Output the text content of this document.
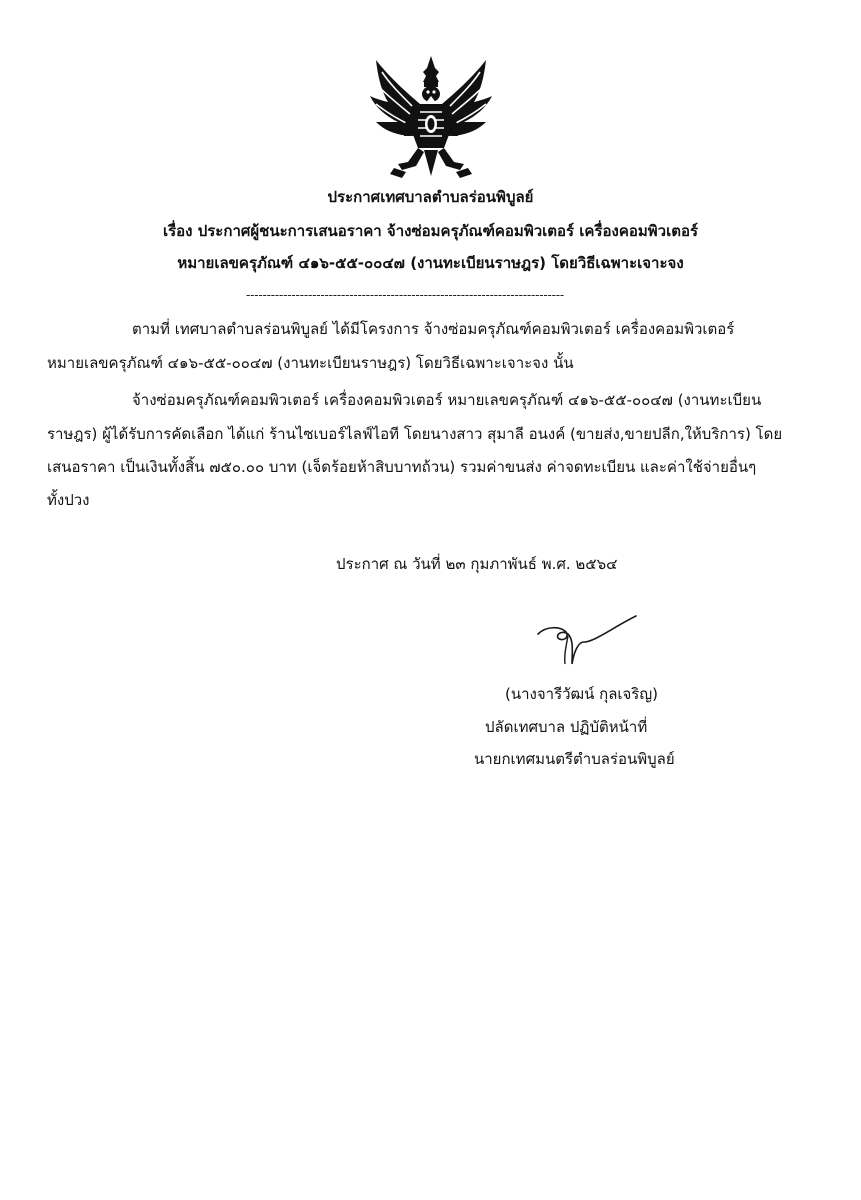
ประกาศเทศบาลตำบลร่อนพิบูลย์
เรื่อง ประกาศผู้ชนะการเสนอราคา จ้างซ่อมครุภัณฑ์คอมพิวเตอร์ เครื่องคอมพิวเตอร์
หมายเลขครุภัณฑ์ ๔๑๖-๕๕-๐๐๔๗ (งานทะเบียนราษฎร) โดยวิธีเฉพาะเจาะจง
-----------------------------------------------------------------------------
ตามที่ เทศบาลตำบลร่อนพิบูลย์ ได้มีโครงการ จ้างซ่อมครุภัณฑ์คอมพิวเตอร์ เครื่องคอมพิวเตอร์
หมายเลขครุภัณฑ์ ๔๑๖-๕๕-๐๐๔๗ (งานทะเบียนราษฎร) โดยวิธีเฉพาะเจาะจง นั้น
จ้างซ่อมครุภัณฑ์คอมพิวเตอร์ เครื่องคอมพิวเตอร์ หมายเลขครุภัณฑ์ ๔๑๖-๕๕-๐๐๔๗ (งานทะเบียน
ราษฎร) ผู้ได้รับการคัดเลือก ได้แก่ ร้านไซเบอร์ไลฟ์ไอที โดยนางสาว สุมาลี อนงค์ (ขายส่ง,ขายปลีก,ให้บริการ) โดย
เสนอราคา เป็นเงินทั้งสิ้น ๗๕๐.๐๐ บาท (เจ็ดร้อยห้าสิบบาทถ้วน) รวมค่าขนส่ง ค่าจดทะเบียน และค่าใช้จ่ายอื่นๆ
ทั้งปวง
ประกาศ ณ วันที่ ๒๓ กุมภาพันธ์ พ.ศ. ๒๕๖๔
(นางจารีวัฒน์ กุลเจริญ)
ปลัดเทศบาล ปฏิบัติหน้าที่
นายกเทศมนตรีตำบลร่อนพิบูลย์
